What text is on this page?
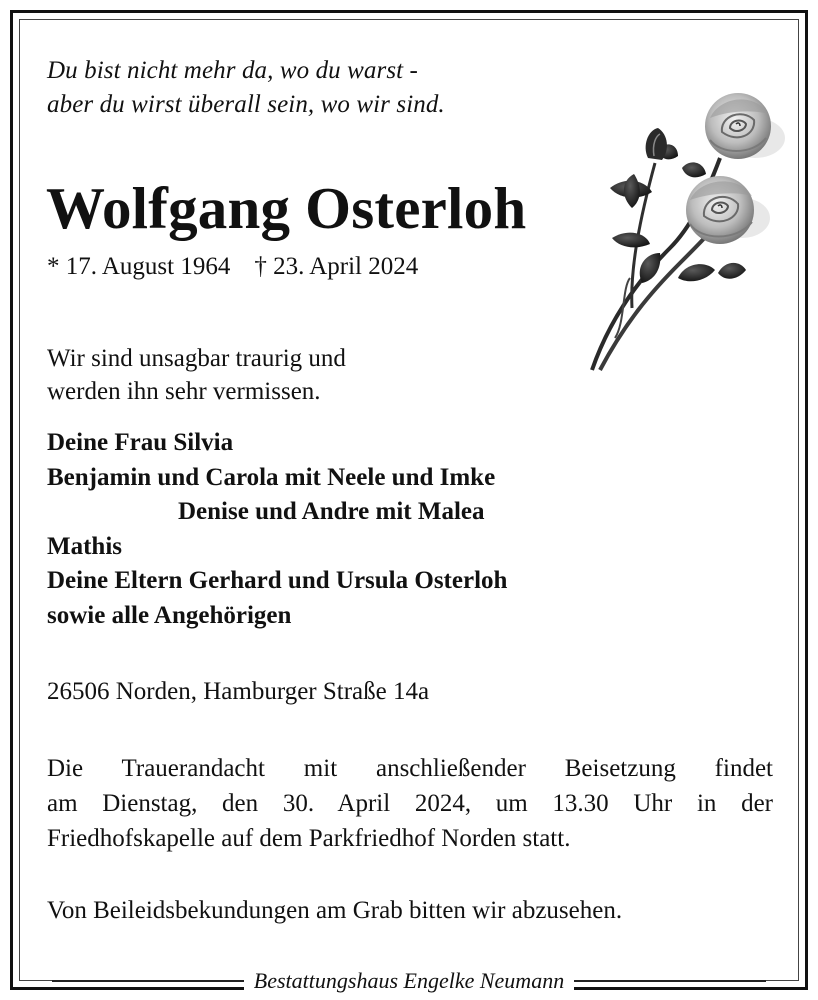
Du bist nicht mehr da, wo du warst -
aber du wirst überall sein, wo wir sind.
Wolfgang Osterloh
* 17. August 1964 † 23. April 2024
Wir sind unsagbar traurig und
werden ihn sehr vermissen.
Deine Frau Silvia
Benjamin und Carola mit Neele und Imke
Denise und Andre mit Malea
Mathis
Deine Eltern Gerhard und Ursula Osterloh
sowie alle Angehörigen
26506 Norden, Hamburger Straße 14a
Die Trauerandacht mit anschließender Beisetzung findet
am Dienstag, den 30. April 2024, um 13.30 Uhr in der
Friedhofskapelle auf dem Parkfriedhof Norden statt.
Von Beileidsbekundungen am Grab bitten wir abzusehen.
Bestattungshaus Engelke Neumann
